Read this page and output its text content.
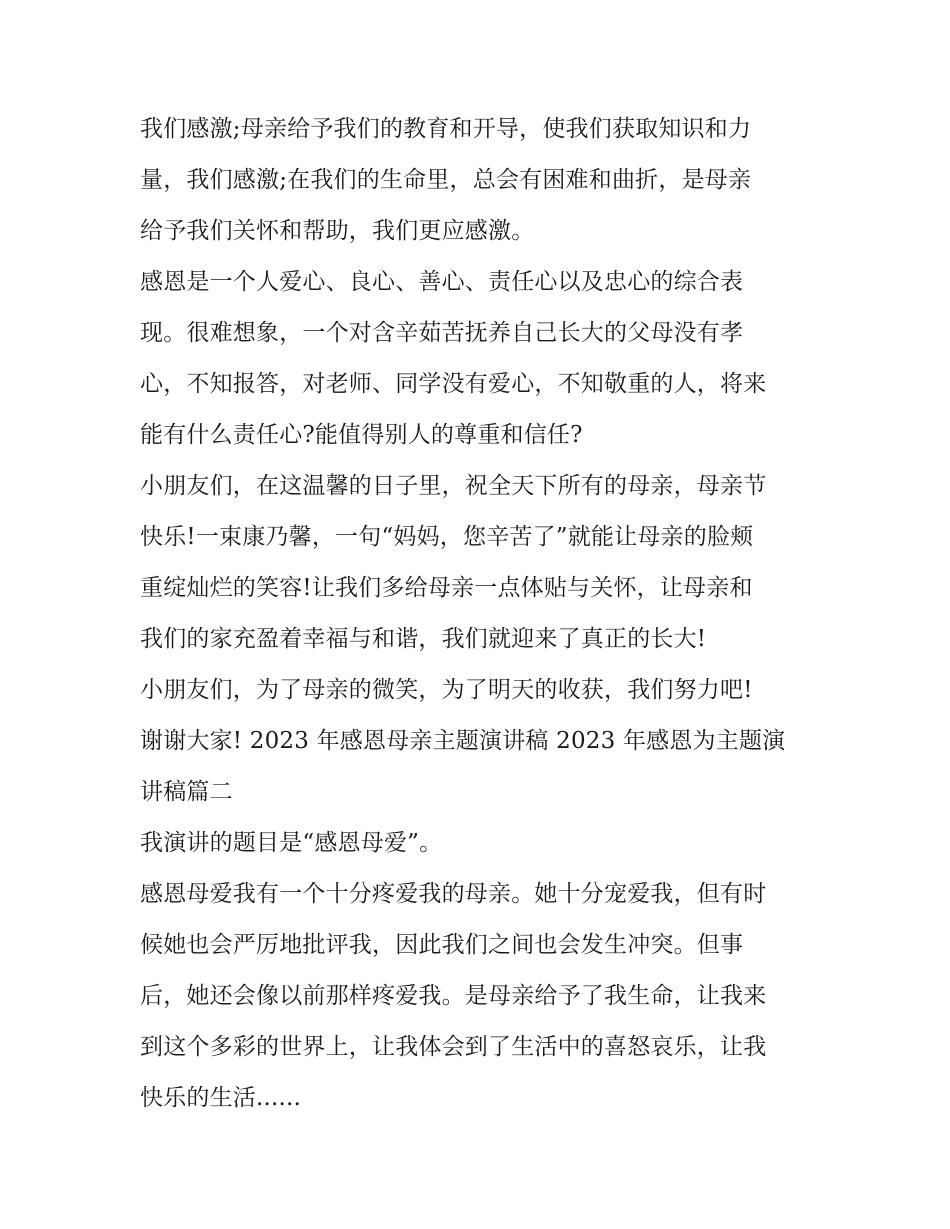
我们感激;母亲给予我们的教育和开导，使我们获取知识和力
量，我们感激;在我们的生命里，总会有困难和曲折，是母亲
给予我们关怀和帮助，我们更应感激。
感恩是一个人爱心、良心、善心、责任心以及忠心的综合表
现。很难想象，一个对含辛茹苦抚养自己长大的父母没有孝
心，不知报答，对老师、同学没有爱心，不知敬重的人，将来
能有什么责任心?能值得别人的尊重和信任?
小朋友们，在这温馨的日子里，祝全天下所有的母亲，母亲节
快乐!一束康乃馨，一句“妈妈，您辛苦了”就能让母亲的脸颊
重绽灿烂的笑容!让我们多给母亲一点体贴与关怀，让母亲和
我们的家充盈着幸福与和谐，我们就迎来了真正的长大!
小朋友们，为了母亲的微笑，为了明天的收获，我们努力吧!
谢谢大家! 2023 年感恩母亲主题演讲稿 2023 年感恩为主题演
讲稿篇二
我演讲的题目是“感恩母爱”。
感恩母爱我有一个十分疼爱我的母亲。她十分宠爱我，但有时
候她也会严厉地批评我，因此我们之间也会发生冲突。但事
后，她还会像以前那样疼爱我。是母亲给予了我生命，让我来
到这个多彩的世界上，让我体会到了生活中的喜怒哀乐，让我
快乐的生活......
